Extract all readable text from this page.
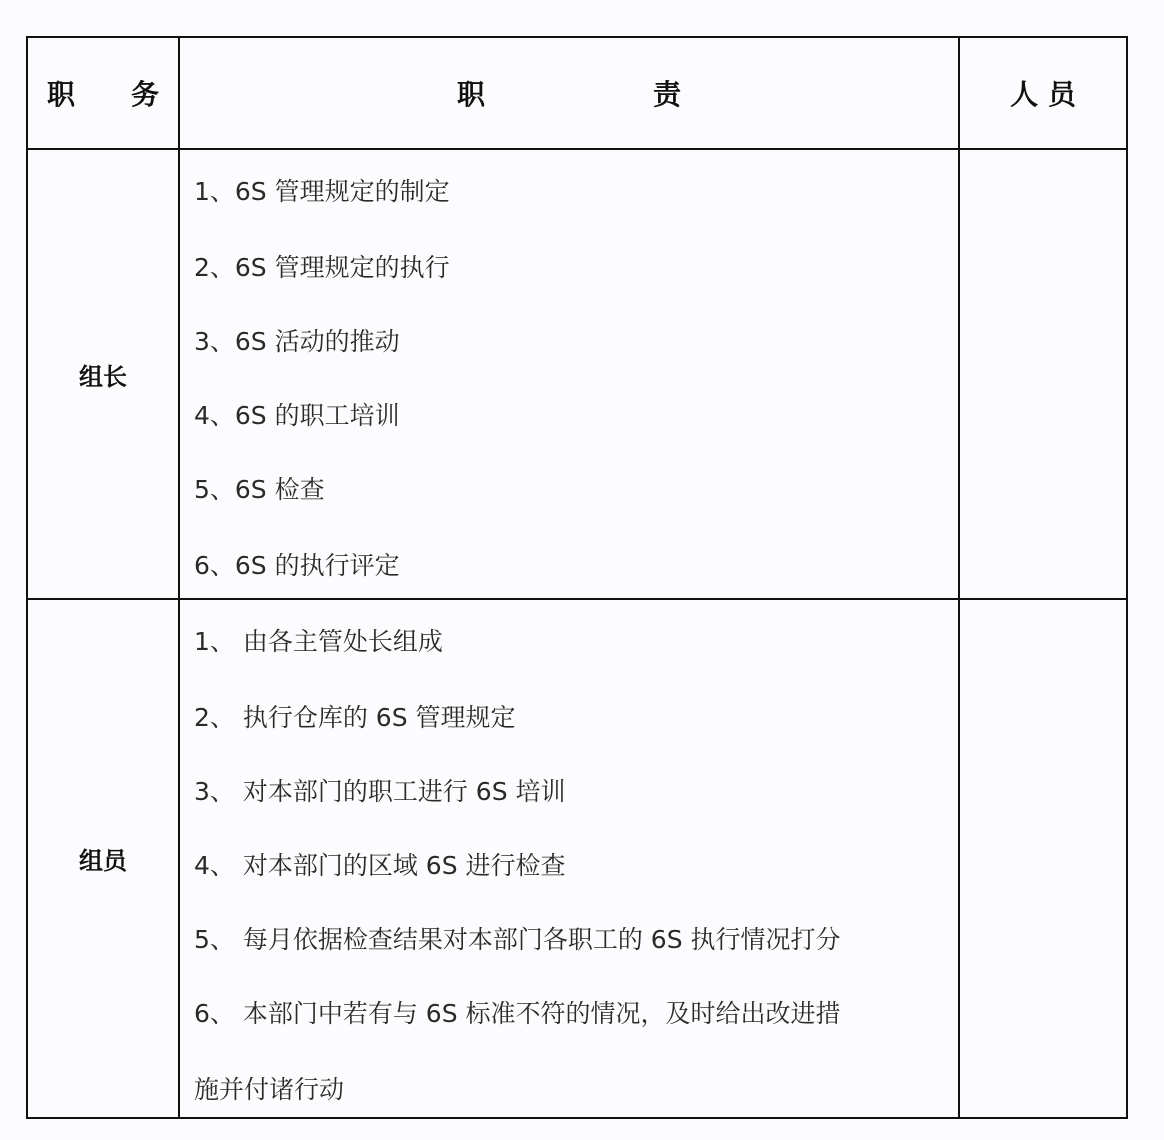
职　　务	职　　　　　　责	人 员
组长
1、6S 管理规定的制定
2、6S 管理规定的执行
3、6S 活动的推动
4、6S 的职工培训
5、6S 检查
6、6S 的执行评定
组员
1、 由各主管处长组成
2、 执行仓库的 6S 管理规定
3、 对本部门的职工进行 6S 培训
4、 对本部门的区域 6S 进行检查
5、 每月依据检查结果对本部门各职工的 6S 执行情况打分
6、 本部门中若有与 6S 标准不符的情况，及时给出改进措
施并付诸行动
